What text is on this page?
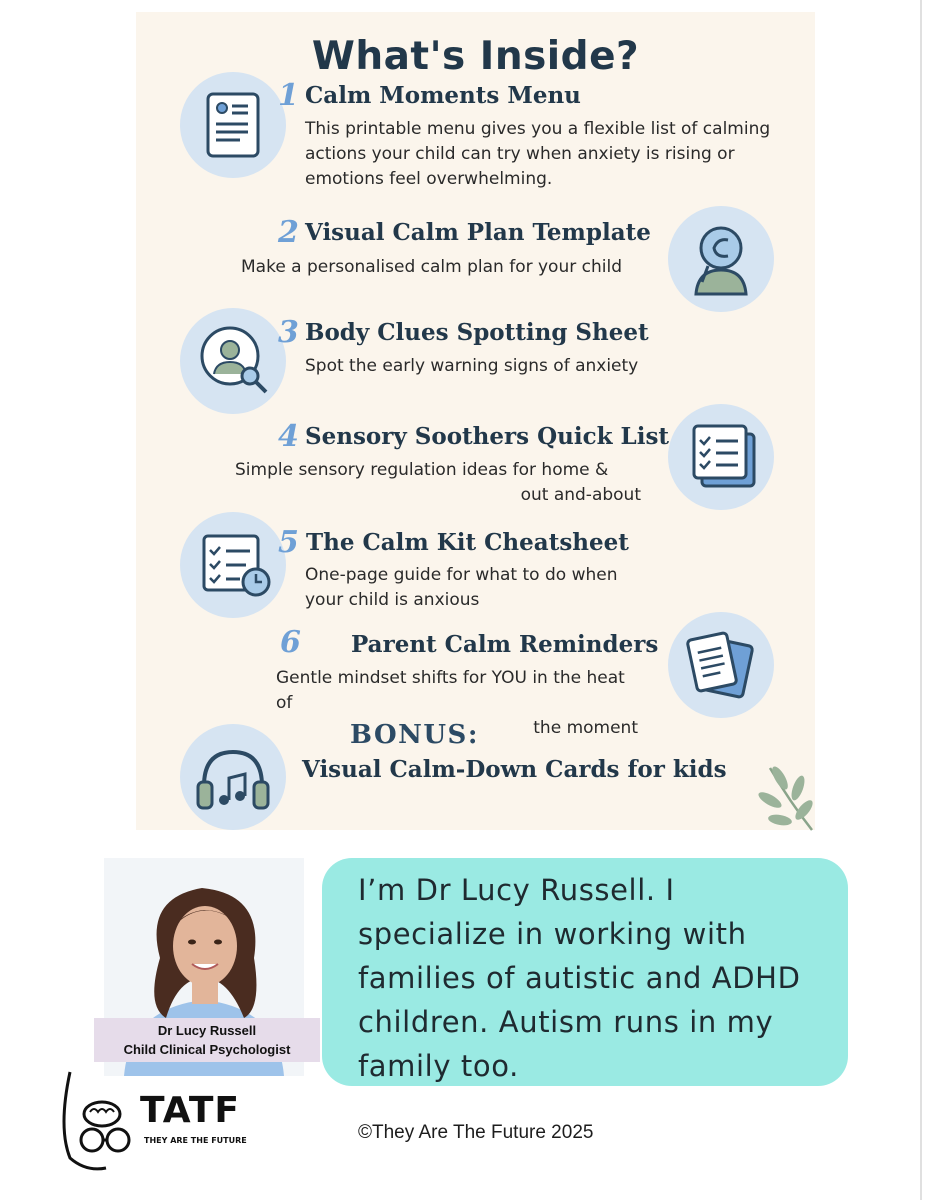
What's Inside?
1 Calm Moments Menu
This printable menu gives you a flexible list of calming
actions your child can try when anxiety is rising or
emotions feel overwhelming.
2 Visual Calm Plan Template
Make a personalised calm plan for your child
3 Body Clues Spotting Sheet
Spot the early warning signs of anxiety
4 Sensory Soothers Quick List
Simple sensory regulation ideas for home &
out and-about
5 The Calm Kit Cheatsheet
One-page guide for what to do when
your child is anxious
6 Parent Calm Reminders
Gentle mindset shifts for YOU in the heat of
the moment
BONUS:
Visual Calm-Down Cards for kids
Dr Lucy Russell
Child Clinical Psychologist
I’m Dr Lucy Russell. I
specialize in working with
families of autistic and ADHD
children. Autism runs in my
family too.
TATF
THEY ARE THE FUTURE	©They Are The Future 2025
